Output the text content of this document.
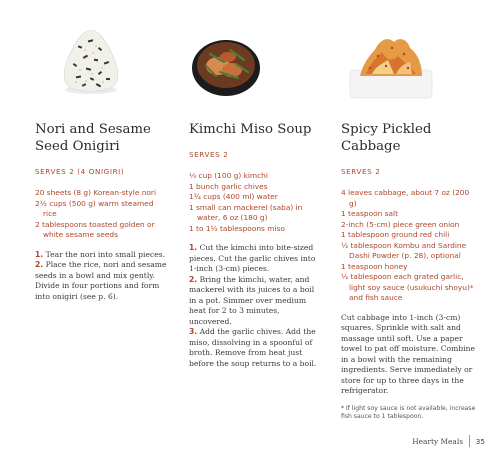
Nori and Sesame Seed Onigiri
SERVES 2 (4 ONIGIRI)
20 sheets (8 g) Korean-style nori
2½ cups (500 g) warm steamed rice
2 tablespoons toasted golden or white sesame seeds
1. Tear the nori into small pieces.
2. Place the rice, nori and sesame seeds in a bowl and mix gently. Divide in four portions and form into onigiri (see p. 6).
Kimchi Miso Soup
SERVES 2
⅓ cup (100 g) kimchi
1 bunch garlic chives
1¾ cups (400 ml) water
1 small can mackerel (saba) in water, 6 oz (180 g)
1 to 1½ tablespoons miso
1. Cut the kimchi into bite-sized pieces. Cut the garlic chives into 1-inch (3-cm) pieces.
2. Bring the kimchi, water, and mackerel with its juices to a boil in a pot. Simmer over medium heat for 2 to 3 minutes, uncovered.
3. Add the garlic chives. Add the miso, dissolving in a spoonful of broth. Remove from heat just before the soup returns to a boil.
Spicy Pickled Cabbage
SERVES 2
4 leaves cabbage, about 7 oz (200 g)
1 teaspoon salt
2-inch (5-cm) piece green onion
1 tablespoon ground red chili
½ tablespoon Kombu and Sardine Dashi Powder (p. 28), optional
1 teaspoon honey
½ tablespoon each grated garlic, light soy sauce (usukuchi shoyu)* and fish sauce

Cut cabbage into 1-inch (3-cm) squares. Sprinkle with salt and massage until soft. Use a paper towel to pat off moisture. Combine in a bowl with the remaining ingredients. Serve immediately or store for up to three days in the refrigerator.

* If light soy sauce is not available, increase fish sauce to 1 tablespoon.

Hearty Meals 35
